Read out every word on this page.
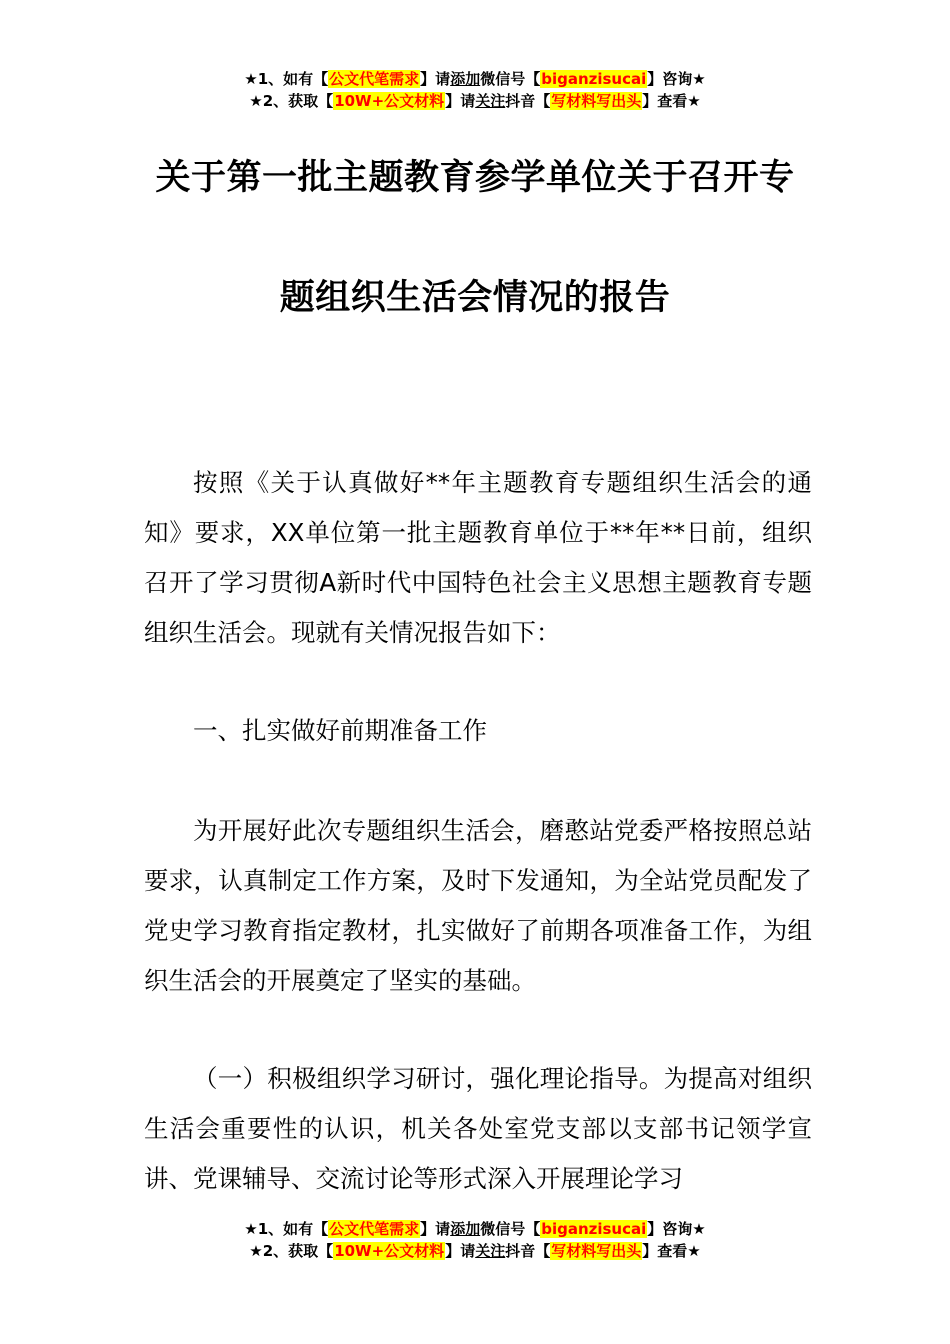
★1、如有【公文代笔需求】请添加微信号【biganzisucai】咨询★
★2、获取【10W+公文材料】请关注抖音【写材料写出头】查看★
关于第一批主题教育参学单位关于召开专
题组织生活会情况的报告
按照《关于认真做好**年主题教育专题组织生活会的通知》要求，XX单位第一批主题教育单位于**年**日前，组织召开了学习贯彻A新时代中国特色社会主义思想主题教育专题组织生活会。现就有关情况报告如下：
一、扎实做好前期准备工作
为开展好此次专题组织生活会，磨憨站党委严格按照总站要求，认真制定工作方案，及时下发通知，为全站党员配发了党史学习教育指定教材，扎实做好了前期各项准备工作，为组织生活会的开展奠定了坚实的基础。
（一）积极组织学习研讨，强化理论指导。为提高对组织生活会重要性的认识，机关各处室党支部以支部书记领学宣讲、党课辅导、交流讨论等形式深入开展理论学习
★1、如有【公文代笔需求】请添加微信号【biganzisucai】咨询★
★2、获取【10W+公文材料】请关注抖音【写材料写出头】查看★
